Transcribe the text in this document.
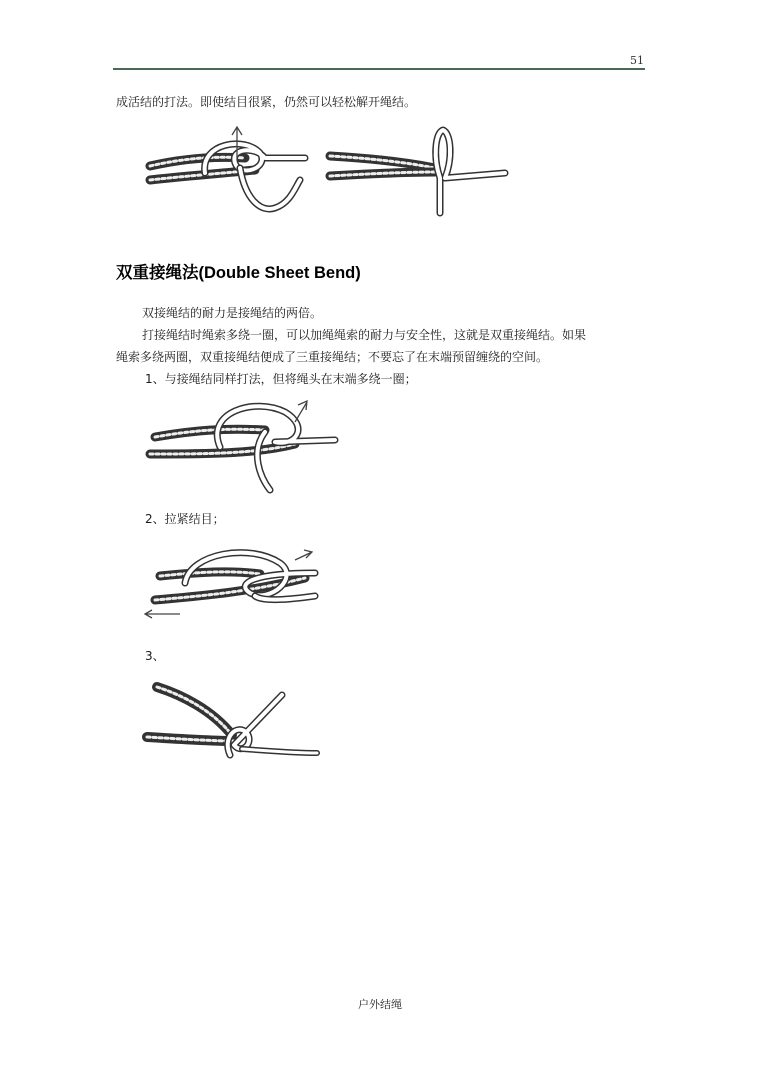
51
成活结的打法。即使结目很紧，仍然可以轻松解开绳结。
双重接绳法(Double Sheet Bend)
双接绳结的耐力是接绳结的两倍。
打接绳结时绳索多绕一圈，可以加绳绳索的耐力与安全性，这就是双重接绳结。如果
绳索多绕两圈，双重接绳结便成了三重接绳结；不要忘了在末端预留缠绕的空间。
1、与接绳结同样打法，但将绳头在末端多绕一圈；
2、拉紧结目；
3、
户外结绳
